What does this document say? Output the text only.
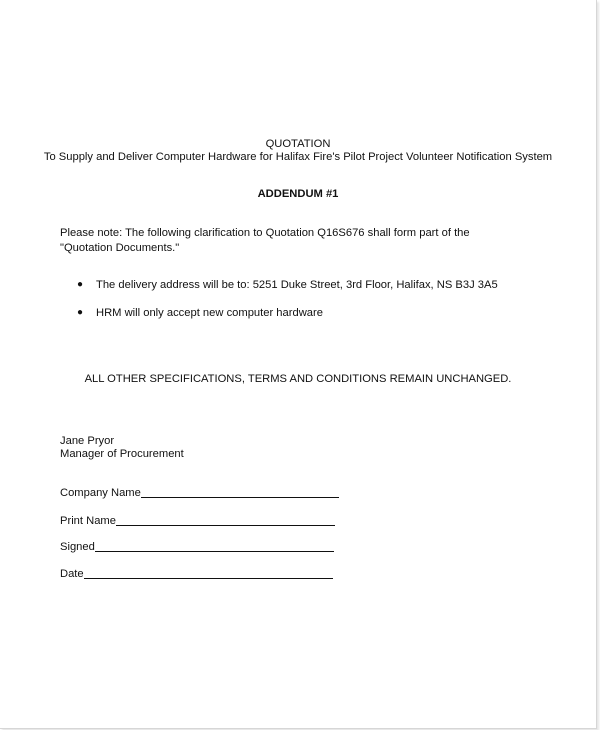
QUOTATION

To Supply and Deliver Computer Hardware for Halifax Fire's Pilot Project Volunteer Notification System

ADDENDUM #1

Please note: The following clarification to Quotation Q16S676 shall form part of the "Quotation Documents."

● The delivery address will be to: 5251 Duke Street, 3rd Floor, Halifax, NS B3J 3A5
● HRM will only accept new computer hardware

ALL OTHER SPECIFICATIONS, TERMS AND CONDITIONS REMAIN UNCHANGED.

Jane Pryor

Manager of Procurement

Company Name
Print Name
Signed
Date
